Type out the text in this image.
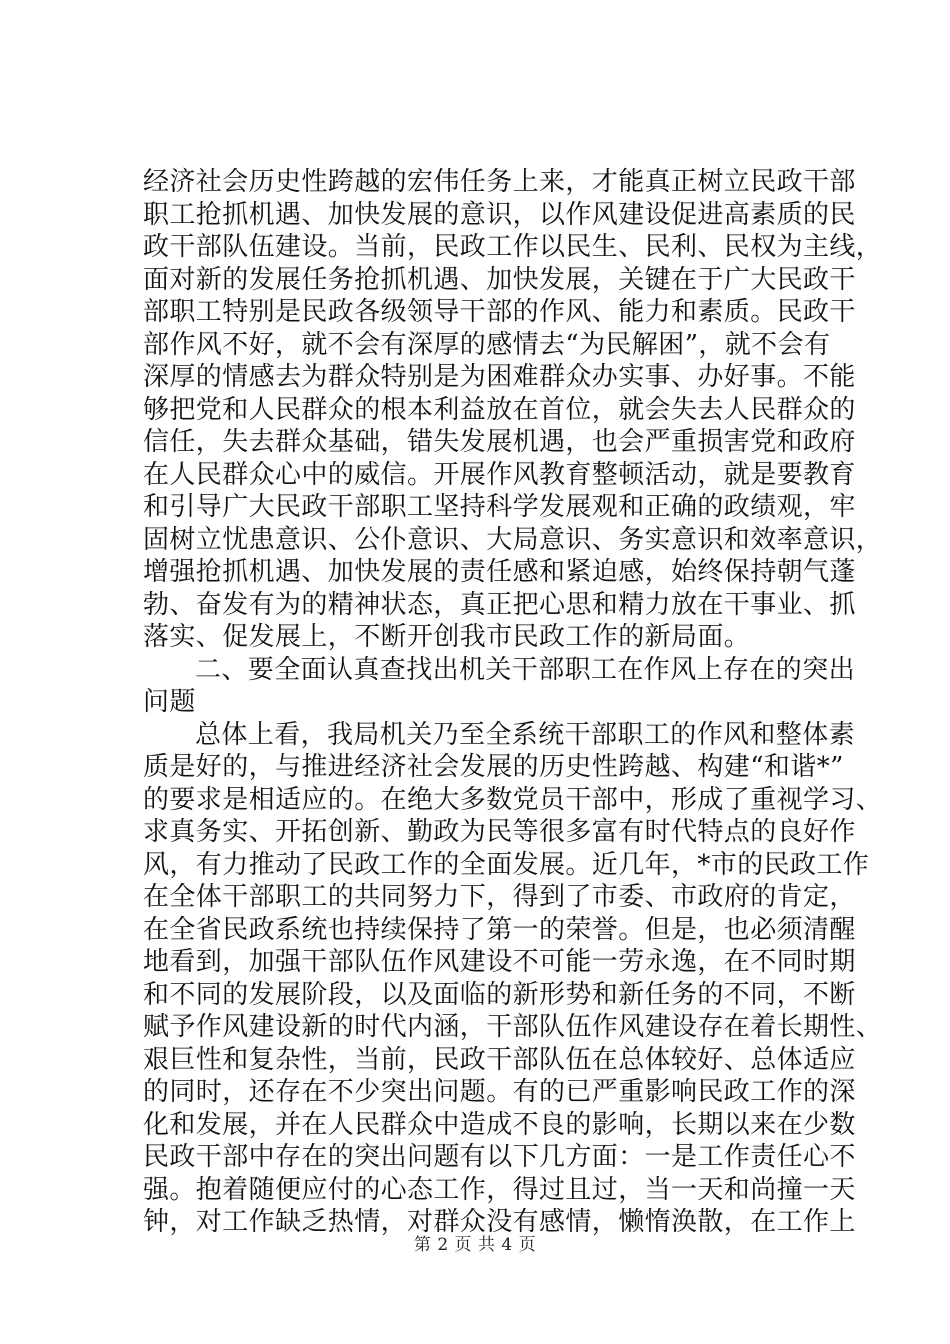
经济社会历史性跨越的宏伟任务上来，才能真正树立民政干部
职工抢抓机遇、加快发展的意识，以作风建设促进高素质的民
政干部队伍建设。当前，民政工作以民生、民利、民权为主线，
面对新的发展任务抢抓机遇、加快发展，关键在于广大民政干
部职工特别是民政各级领导干部的作风、能力和素质。民政干
部作风不好，就不会有深厚的感情去“为民解困”，就不会有
深厚的情感去为群众特别是为困难群众办实事、办好事。不能
够把党和人民群众的根本利益放在首位，就会失去人民群众的
信任，失去群众基础，错失发展机遇，也会严重损害党和政府
在人民群众心中的威信。开展作风教育整顿活动，就是要教育
和引导广大民政干部职工坚持科学发展观和正确的政绩观，牢
固树立忧患意识、公仆意识、大局意识、务实意识和效率意识，
增强抢抓机遇、加快发展的责任感和紧迫感，始终保持朝气蓬
勃、奋发有为的精神状态，真正把心思和精力放在干事业、抓
落实、促发展上，不断开创我市民政工作的新局面。
二、要全面认真查找出机关干部职工在作风上存在的突出
问题
总体上看，我局机关乃至全系统干部职工的作风和整体素
质是好的，与推进经济社会发展的历史性跨越、构建“和谐*”
的要求是相适应的。在绝大多数党员干部中，形成了重视学习、
求真务实、开拓创新、勤政为民等很多富有时代特点的良好作
风，有力推动了民政工作的全面发展。近几年，*市的民政工作
在全体干部职工的共同努力下，得到了市委、市政府的肯定，
在全省民政系统也持续保持了第一的荣誉。但是，也必须清醒
地看到，加强干部队伍作风建设不可能一劳永逸，在不同时期
和不同的发展阶段，以及面临的新形势和新任务的不同，不断
赋予作风建设新的时代内涵，干部队伍作风建设存在着长期性、
艰巨性和复杂性，当前，民政干部队伍在总体较好、总体适应
的同时，还存在不少突出问题。有的已严重影响民政工作的深
化和发展，并在人民群众中造成不良的影响，长期以来在少数
民政干部中存在的突出问题有以下几方面：一是工作责任心不
强。抱着随便应付的心态工作，得过且过，当一天和尚撞一天
钟，对工作缺乏热情，对群众没有感情，懒惰涣散，在工作上
第 2 页 共 4 页
